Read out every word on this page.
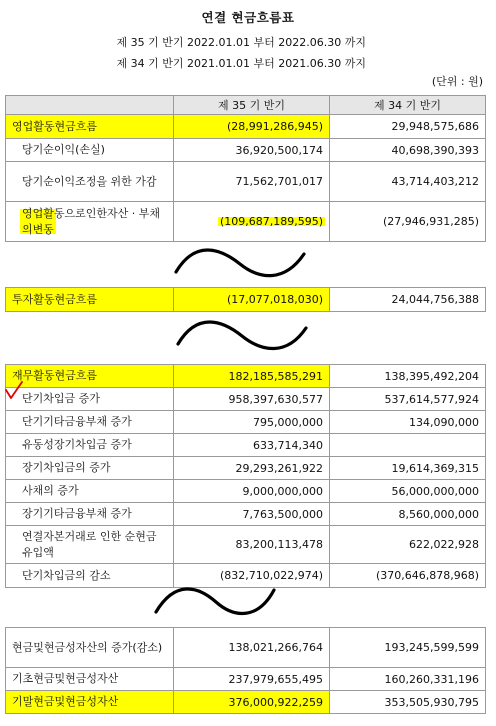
연결 현금흐름표
제 35 기 반기 2022.01.01 부터 2022.06.30 까지
제 34 기 반기 2021.01.01 부터 2021.06.30 까지
(단위 : 원)
	제 35 기 반기	제 34 기 반기
영업활동현금흐름	(28,991,286,945)	29,948,575,686
당기순이익(손실)	36,920,500,174	40,698,390,393
당기순이익조정을 위한 가감	71,562,701,017	43,714,403,212
영업활동으로인한자산 · 부채의변동	(109,687,189,595)	(27,946,931,285)
투자활동현금흐름	(17,077,018,030)	24,044,756,388
재무활동현금흐름	182,185,585,291	138,395,492,204
단기차입금 증가	958,397,630,577	537,614,577,924
단기기타금융부채 증가	795,000,000	134,090,000
유동성장기차입금 증가	633,714,340	
장기차입금의 증가	29,293,261,922	19,614,369,315
사채의 증가	9,000,000,000	56,000,000,000
장기기타금융부채 증가	7,763,500,000	8,560,000,000
연결자본거래로 인한 순현금유입액	83,200,113,478	622,022,928
단기차입금의 감소	(832,710,022,974)	(370,646,878,968)
현금및현금성자산의 증가(감소)	138,021,266,764	193,245,599,599
기초현금및현금성자산	237,979,655,495	160,260,331,196
기말현금및현금성자산	376,000,922,259	353,505,930,795
